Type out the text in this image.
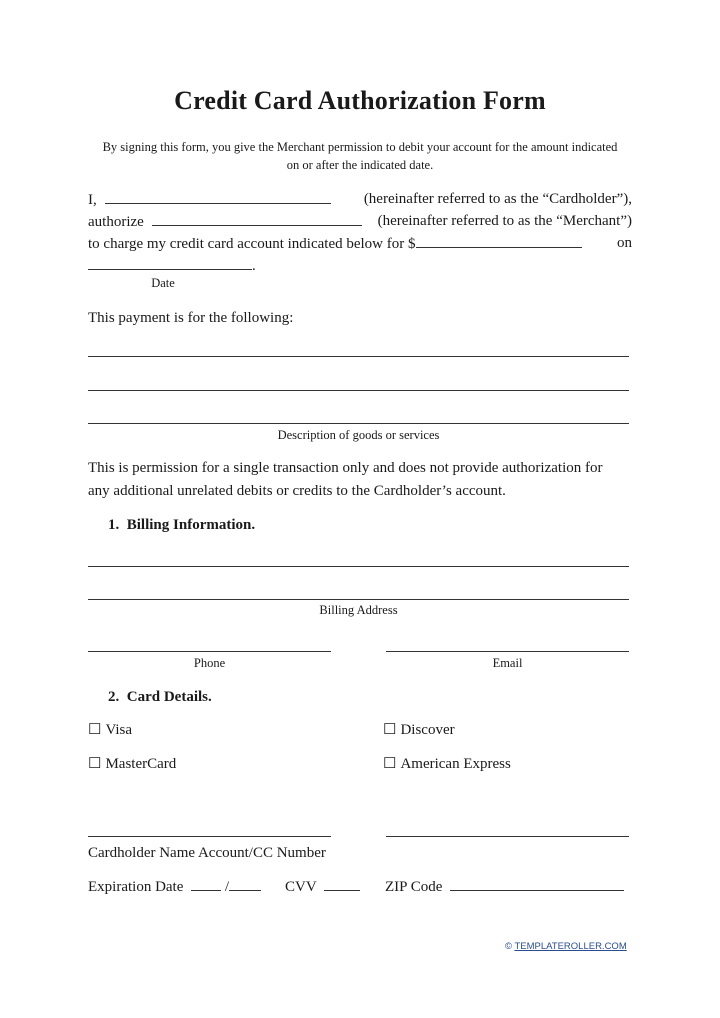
Credit Card Authorization Form
By signing this form, you give the Merchant permission to debit your account for the amount indicated on or after the indicated date.
I,	(hereinafter referred to as the “Cardholder”),
authorize	(hereinafter referred to as the “Merchant”)
to charge my credit card account indicated below for $	on
.
Date
This payment is for the following:
Description of goods or services
This is permission for a single transaction only and does not provide authorization for
any additional unrelated debits or credits to the Cardholder’s account.
1.  Billing Information.
Billing Address
Phone	Email
2.  Card Details.
☐ Visa	☐ Discover
☐ MasterCard	☐ American Express
Cardholder Name Account/CC Number
Expiration Date	/	CVV	ZIP Code
© TEMPLATEROLLER.COM
